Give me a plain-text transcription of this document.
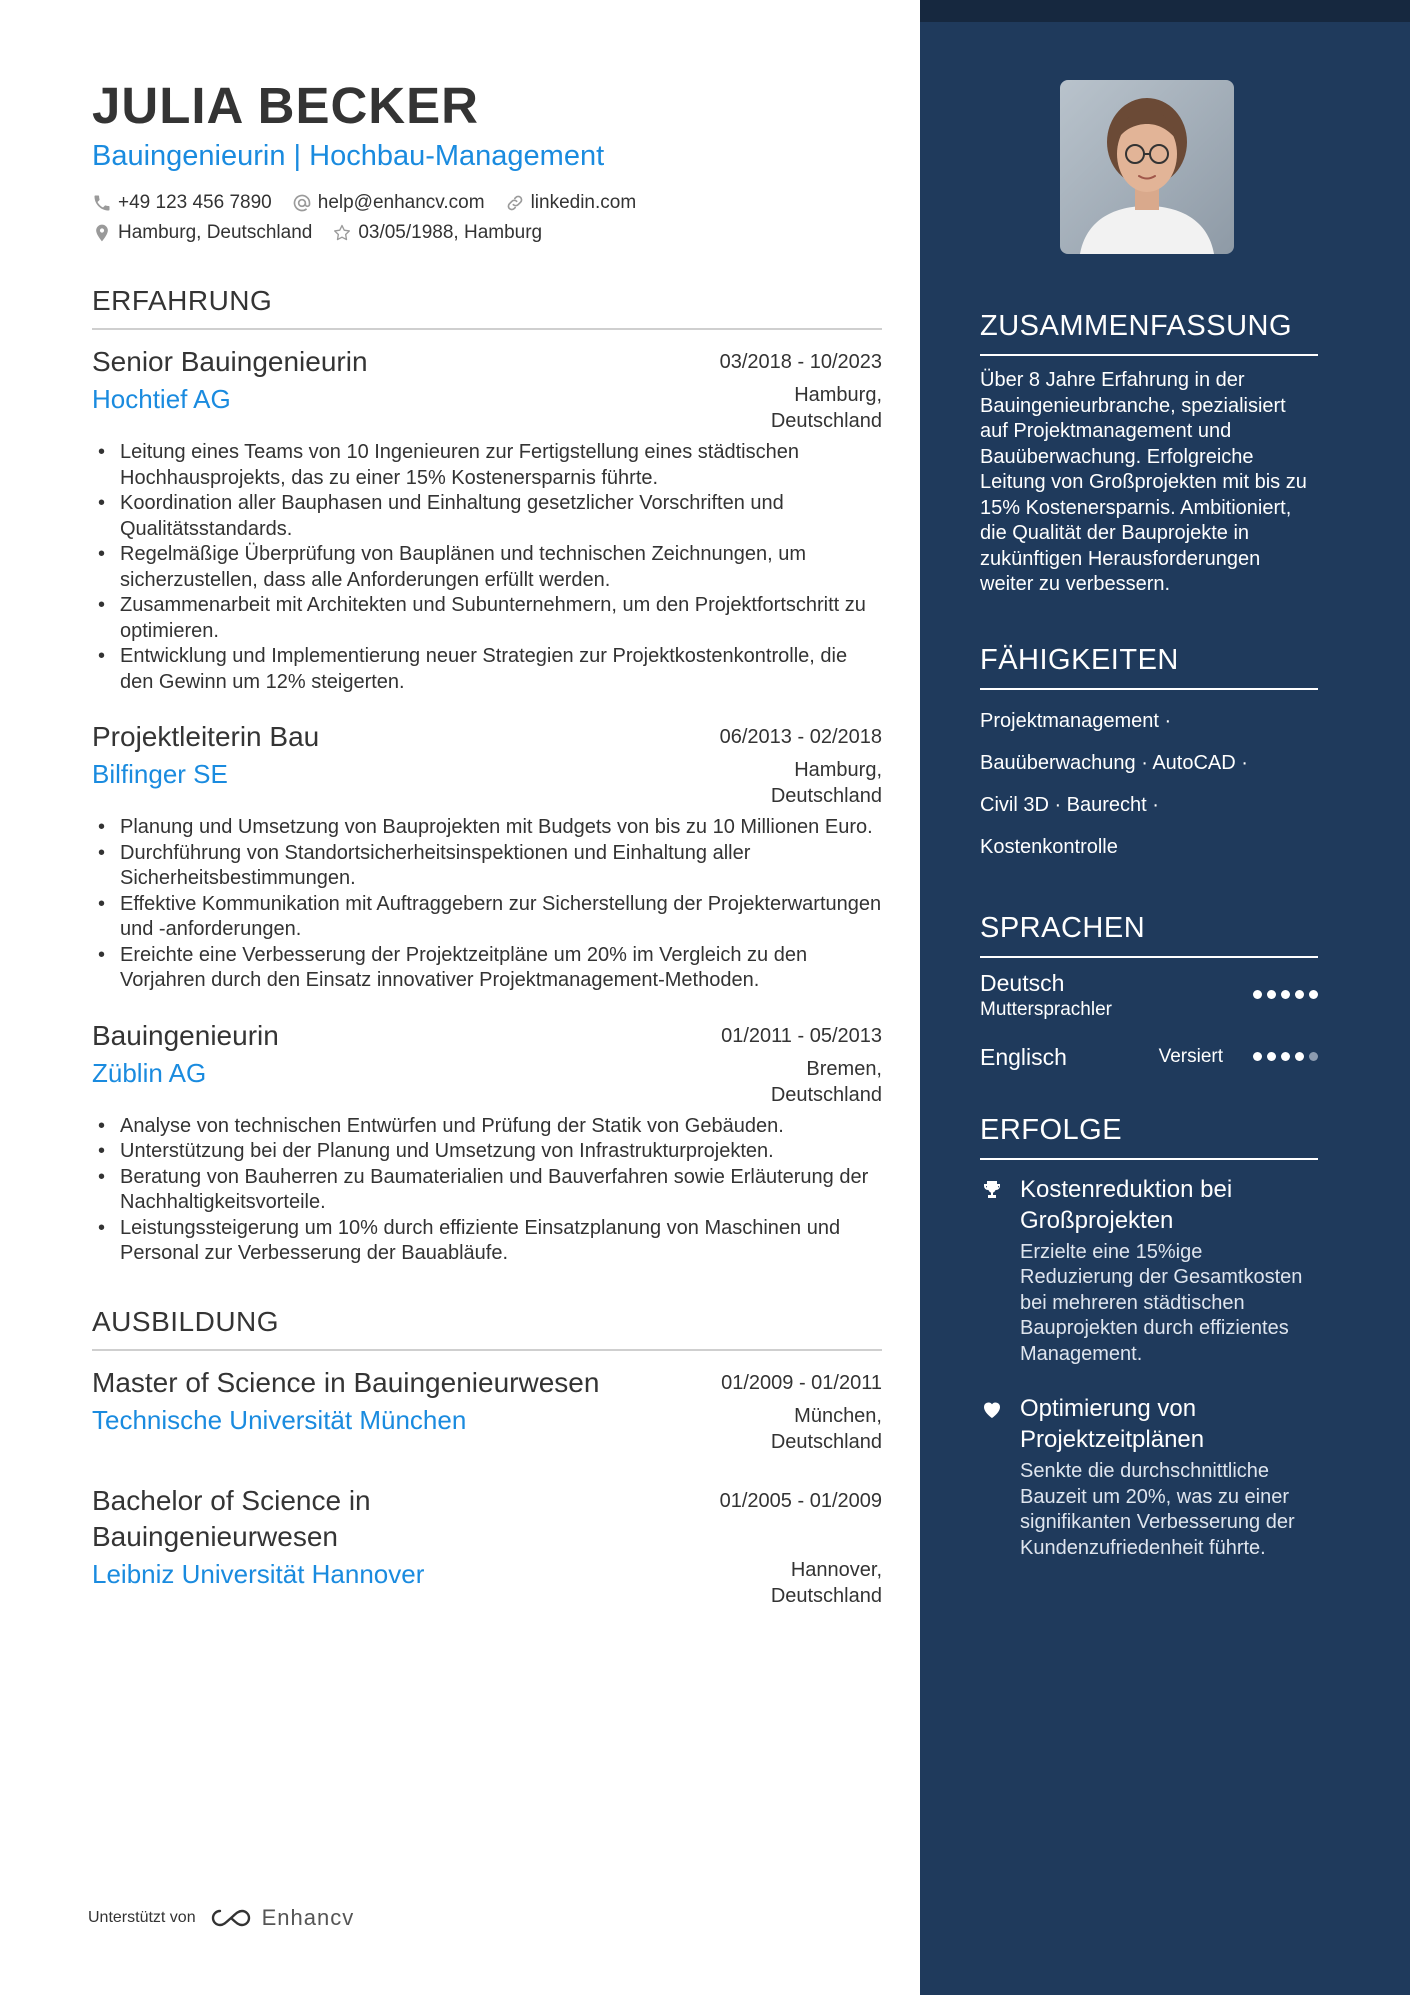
JULIA BECKER
Bauingenieurin | Hochbau-Management
+49 123 456 7890 help@enhancv.com linkedin.com
Hamburg, Deutschland 03/05/1988, Hamburg
ERFAHRUNG
Senior Bauingenieurin	03/2018 - 10/2023
Hochtief AG	Hamburg, Deutschland
• Leitung eines Teams von 10 Ingenieuren zur Fertigstellung eines städtischen Hochhausprojekts, das zu einer 15% Kostenersparnis führte.
• Koordination aller Bauphasen und Einhaltung gesetzlicher Vorschriften und Qualitätsstandards.
• Regelmäßige Überprüfung von Bauplänen und technischen Zeichnungen, um sicherzustellen, dass alle Anforderungen erfüllt werden.
• Zusammenarbeit mit Architekten und Subunternehmern, um den Projektfortschritt zu optimieren.
• Entwicklung und Implementierung neuer Strategien zur Projektkostenkontrolle, die den Gewinn um 12% steigerten.
Projektleiterin Bau	06/2013 - 02/2018
Bilfinger SE	Hamburg, Deutschland
• Planung und Umsetzung von Bauprojekten mit Budgets von bis zu 10 Millionen Euro.
• Durchführung von Standortsicherheitsinspektionen und Einhaltung aller Sicherheitsbestimmungen.
• Effektive Kommunikation mit Auftraggebern zur Sicherstellung der Projekterwartungen und -anforderungen.
• Ereichte eine Verbesserung der Projektzeitpläne um 20% im Vergleich zu den Vorjahren durch den Einsatz innovativer Projektmanagement-Methoden.
Bauingenieurin	01/2011 - 05/2013
Züblin AG	Bremen, Deutschland
• Analyse von technischen Entwürfen und Prüfung der Statik von Gebäuden.
• Unterstützung bei der Planung und Umsetzung von Infrastrukturprojekten.
• Beratung von Bauherren zu Baumaterialien und Bauverfahren sowie Erläuterung der Nachhaltigkeitsvorteile.
• Leistungssteigerung um 10% durch effiziente Einsatzplanung von Maschinen und Personal zur Verbesserung der Bauabläufe.
AUSBILDUNG
Master of Science in Bauingenieurwesen	01/2009 - 01/2011
Technische Universität München	München, Deutschland
Bachelor of Science in Bauingenieurwesen
01/2005 - 01/2009
Leibniz Universität Hannover	Hannover, Deutschland
Unterstützt von	Enhancv
ZUSAMMENFASSUNG
Über 8 Jahre Erfahrung in der Bauingenieurbranche, spezialisiert auf Projektmanagement und Bauüberwachung. Erfolgreiche Leitung von Großprojekten mit bis zu 15% Kostenersparnis. Ambitioniert, die Qualität der Bauprojekte in zukünftigen Herausforderungen weiter zu verbessern.
FÄHIGKEITEN
Projektmanagement ·
Bauüberwachung · AutoCAD ·
Civil 3D · Baurecht ·
Kostenkontrolle
SPRACHEN
Deutsch
Muttersprachler
Englisch	Versiert
ERFOLGE
Kostenreduktion bei Großprojekten
Erzielte eine 15%ige Reduzierung der Gesamtkosten bei mehreren städtischen Bauprojekten durch effizientes Management.
Optimierung von Projektzeitplänen
Senkte die durchschnittliche Bauzeit um 20%, was zu einer signifikanten Verbesserung der Kundenzufriedenheit führte.
